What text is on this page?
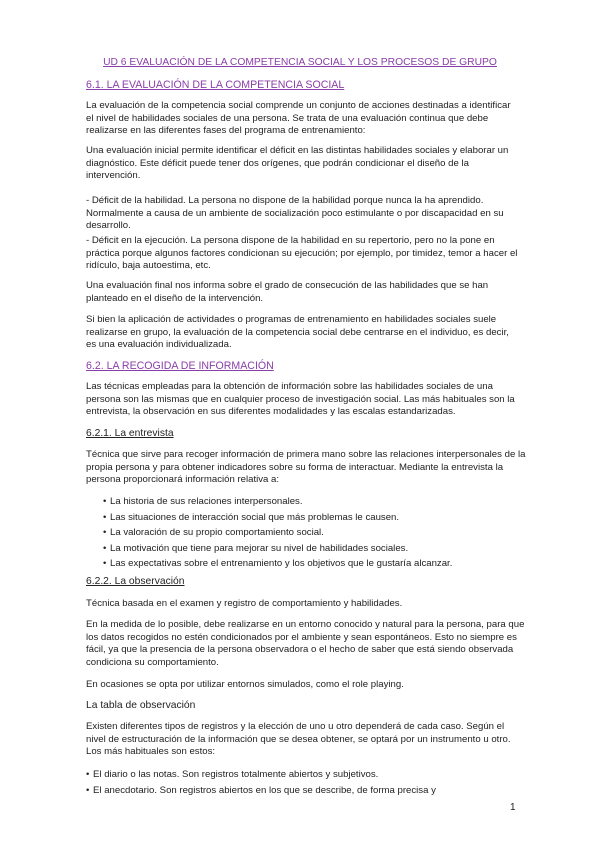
UD 6 EVALUACIÓN DE LA COMPETENCIA SOCIAL Y LOS PROCESOS DE GRUPO
6.1. LA EVALUACIÓN DE LA COMPETENCIA SOCIAL

La evaluación de la competencia social comprende un conjunto de acciones destinadas a identificar el nivel de habilidades sociales de una persona. Se trata de una evaluación continua que debe realizarse en las diferentes fases del programa de entrenamiento:

Una evaluación inicial permite identificar el déficit en las distintas habilidades sociales y elaborar un diagnóstico. Este déficit puede tener dos orígenes, que podrán condicionar el diseño de la intervención.

- Déficit de la habilidad. La persona no dispone de la habilidad porque nunca la ha aprendido. Normalmente a causa de un ambiente de socialización poco estimulante o por discapacidad en su desarrollo.

- Déficit en la ejecución. La persona dispone de la habilidad en su repertorio, pero no la pone en práctica porque algunos factores condicionan su ejecución; por ejemplo, por timidez, temor a hacer el ridículo, baja autoestima, etc.

Una evaluación final nos informa sobre el grado de consecución de las habilidades que se han planteado en el diseño de la intervención.

Si bien la aplicación de actividades o programas de entrenamiento en habilidades sociales suele realizarse en grupo, la evaluación de la competencia social debe centrarse en el individuo, es decir, es una evaluación individualizada.

6.2. LA RECOGIDA DE INFORMACIÓN

Las técnicas empleadas para la obtención de información sobre las habilidades sociales de una persona son las mismas que en cualquier proceso de investigación social. Las más habituales son la entrevista, la observación en sus diferentes modalidades y las escalas estandarizadas.

6.2.1. La entrevista

Técnica que sirve para recoger información de primera mano sobre las relaciones interpersonales de la propia persona y para obtener indicadores sobre su forma de interactuar. Mediante la entrevista la persona proporcionará información relativa a:

• La historia de sus relaciones interpersonales.
• Las situaciones de interacción social que más problemas le causen.
• La valoración de su propio comportamiento social.
• La motivación que tiene para mejorar su nivel de habilidades sociales.
• Las expectativas sobre el entrenamiento y los objetivos que le gustaría alcanzar.
6.2.2. La observación

Técnica basada en el examen y registro de comportamiento y habilidades.

En la medida de lo posible, debe realizarse en un entorno conocido y natural para la persona, para que los datos recogidos no estén condicionados por el ambiente y sean espontáneos. Esto no siempre es fácil, ya que la presencia de la persona observadora o el hecho de saber que está siendo observada condiciona su comportamiento.

En ocasiones se opta por utilizar entornos simulados, como el role playing.

La tabla de observación

Existen diferentes tipos de registros y la elección de uno u otro dependerá de cada caso. Según el nivel de estructuración de la información que se desea obtener, se optará por un instrumento u otro. Los más habituales son estos:

• El diario o las notas. Son registros totalmente abiertos y subjetivos.
• El anecdotario. Son registros abiertos en los que se describe, de forma precisa y
1
